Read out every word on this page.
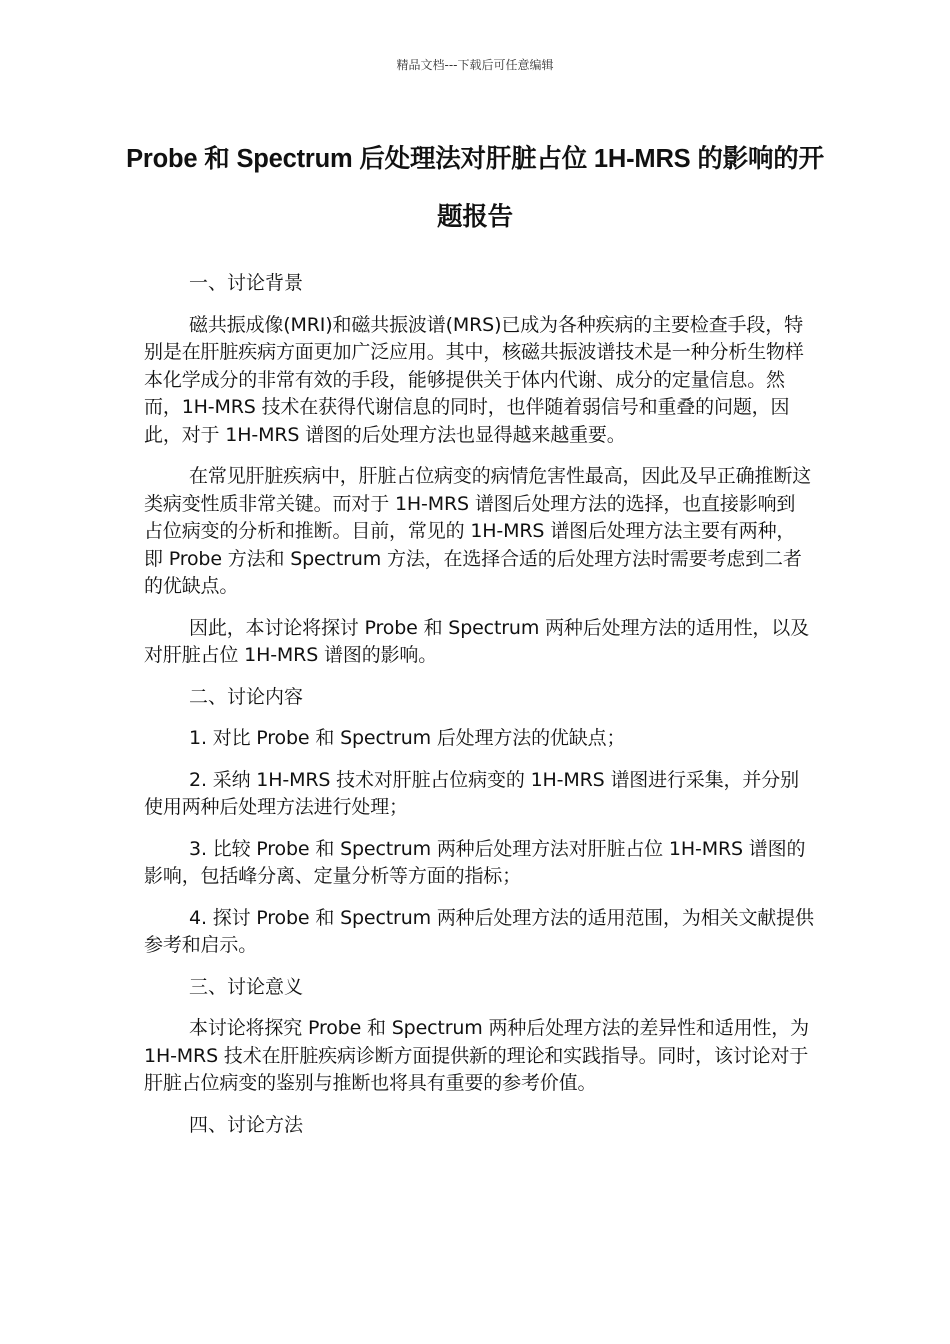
精品文档---下载后可任意编辑
Probe 和 Spectrum 后处理法对肝脏占位 1H-MRS 的影响的开题报告

一、讨论背景

磁共振成像(MRI)和磁共振波谱(MRS)已成为各种疾病的主要检查手段，特别是在肝脏疾病方面更加广泛应用。其中，核磁共振波谱技术是一种分析生物样本化学成分的非常有效的手段，能够提供关于体内代谢、成分的定量信息。然而，1H-MRS 技术在获得代谢信息的同时，也伴随着弱信号和重叠的问题，因此，对于 1H-MRS 谱图的后处理方法也显得越来越重要。

在常见肝脏疾病中，肝脏占位病变的病情危害性最高，因此及早正确推断这类病变性质非常关键。而对于 1H-MRS 谱图后处理方法的选择，也直接影响到占位病变的分析和推断。目前，常见的 1H-MRS 谱图后处理方法主要有两种，即 Probe 方法和 Spectrum 方法，在选择合适的后处理方法时需要考虑到二者的优缺点。

因此，本讨论将探讨 Probe 和 Spectrum 两种后处理方法的适用性，以及对肝脏占位 1H-MRS 谱图的影响。

二、讨论内容

1. 对比 Probe 和 Spectrum 后处理方法的优缺点；

2. 采纳 1H-MRS 技术对肝脏占位病变的 1H-MRS 谱图进行采集，并分别使用两种后处理方法进行处理；

3. 比较 Probe 和 Spectrum 两种后处理方法对肝脏占位 1H-MRS 谱图的影响，包括峰分离、定量分析等方面的指标；

4. 探讨 Probe 和 Spectrum 两种后处理方法的适用范围，为相关文献提供参考和启示。

三、讨论意义

本讨论将探究 Probe 和 Spectrum 两种后处理方法的差异性和适用性，为 1H-MRS 技术在肝脏疾病诊断方面提供新的理论和实践指导。同时，该讨论对于肝脏占位病变的鉴别与推断也将具有重要的参考价值。

四、讨论方法
